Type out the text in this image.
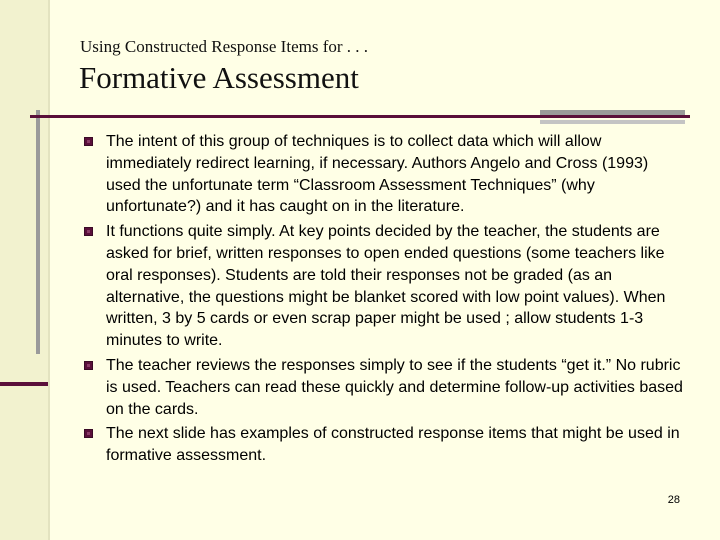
Using Constructed Response Items for . . .
Formative Assessment
The intent of this group of techniques is to collect data which will allow immediately redirect learning, if necessary. Authors Angelo and Cross (1993) used the unfortunate term “Classroom Assessment Techniques” (why unfortunate?) and it has caught on in the literature.
It functions quite simply. At key points decided by the teacher, the students are asked for brief, written responses to open ended questions (some teachers like oral responses). Students are told their responses not be graded (as an alternative, the questions might be blanket scored with low point values). When written, 3 by 5 cards or even scrap paper might be used ; allow students 1-3 minutes to write.
The teacher reviews the responses simply to see if the students “get it.” No rubric is used. Teachers can read these quickly and determine follow-up activities based on the cards.
The next slide has examples of constructed response items that might be used in formative assessment.
28
